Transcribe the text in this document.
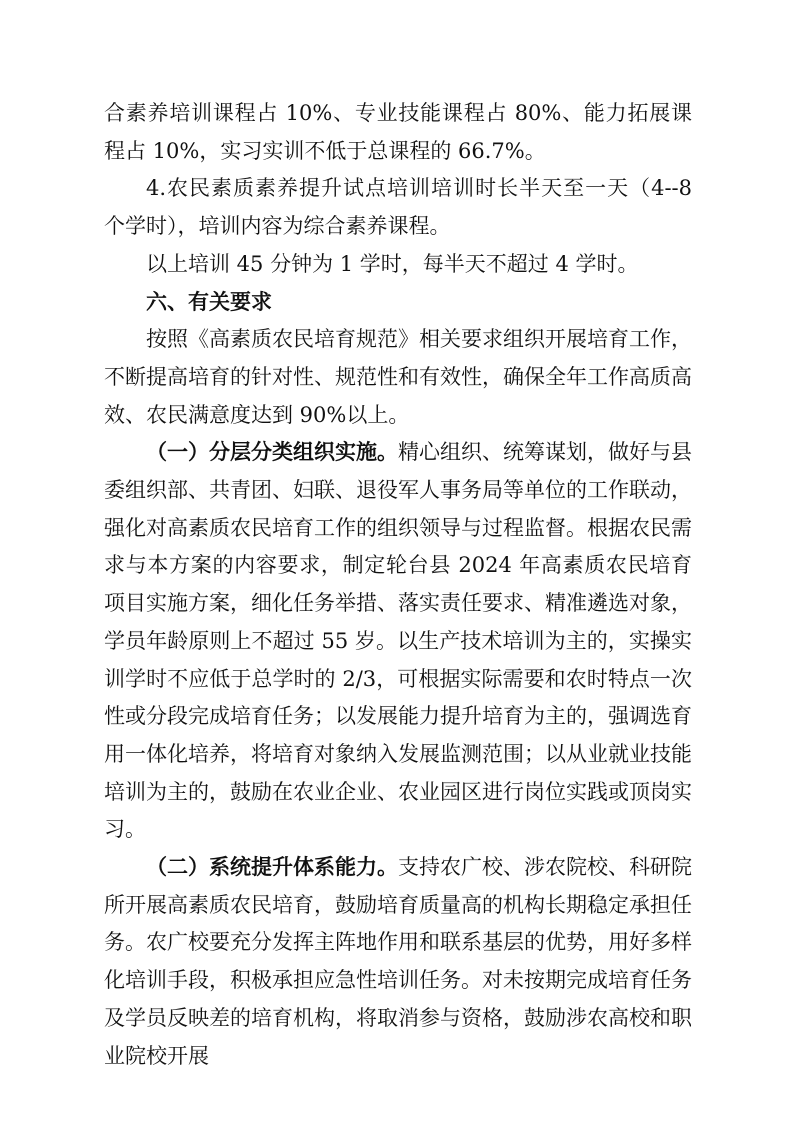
合素养培训课程占 10%、专业技能课程占 80%、能力拓展课程占 10%，实习实训不低于总课程的 66.7%。

4.农民素质素养提升试点培训培训时长半天至一天（4--8 个学时），培训内容为综合素养课程。

以上培训 45 分钟为 1 学时，每半天不超过 4 学时。

六、有关要求

按照《高素质农民培育规范》相关要求组织开展培育工作，不断提高培育的针对性、规范性和有效性，确保全年工作高质高效、农民满意度达到 90%以上。

（一）分层分类组织实施。精心组织、统筹谋划，做好与县委组织部、共青团、妇联、退役军人事务局等单位的工作联动，强化对高素质农民培育工作的组织领导与过程监督。根据农民需求与本方案的内容要求，制定轮台县 2024 年高素质农民培育项目实施方案，细化任务举措、落实责任要求、精准遴选对象，学员年龄原则上不超过 55 岁。以生产技术培训为主的，实操实训学时不应低于总学时的 2/3，可根据实际需要和农时特点一次性或分段完成培育任务；以发展能力提升培育为主的，强调选育用一体化培养，将培育对象纳入发展监测范围；以从业就业技能培训为主的，鼓励在农业企业、农业园区进行岗位实践或顶岗实习。

（二）系统提升体系能力。支持农广校、涉农院校、科研院所开展高素质农民培育，鼓励培育质量高的机构长期稳定承担任务。农广校要充分发挥主阵地作用和联系基层的优势，用好多样化培训手段，积极承担应急性培训任务。对未按期完成培育任务及学员反映差的培育机构，将取消参与资格，鼓励涉农高校和职业院校开展
